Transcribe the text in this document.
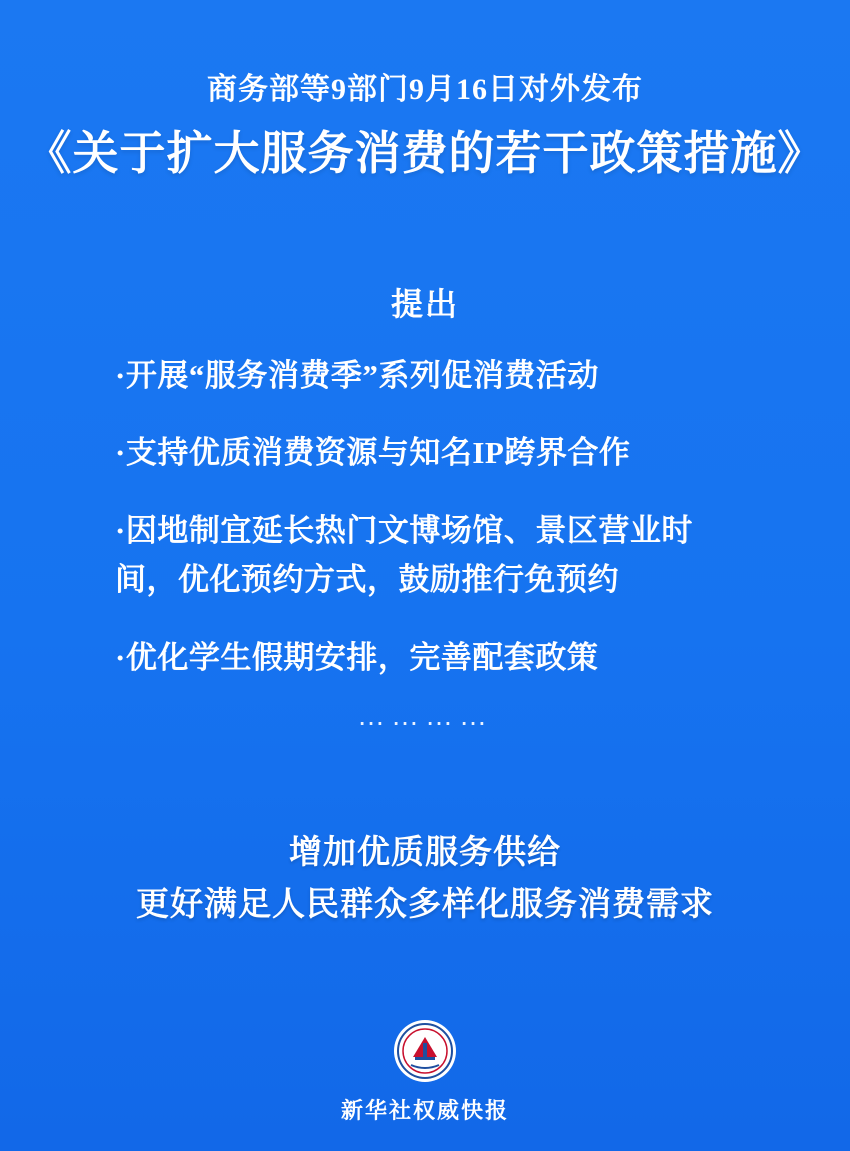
商务部等9部门9月16日对外发布
《关于扩大服务消费的若干政策措施》
提出
·开展“服务消费季”系列促消费活动
·支持优质消费资源与知名IP跨界合作
·因地制宜延长热门文博场馆、景区营业时间，优化预约方式，鼓励推行免预约
·优化学生假期安排，完善配套政策
…………
增加优质服务供给
更好满足人民群众多样化服务消费需求
新华社权威快报
